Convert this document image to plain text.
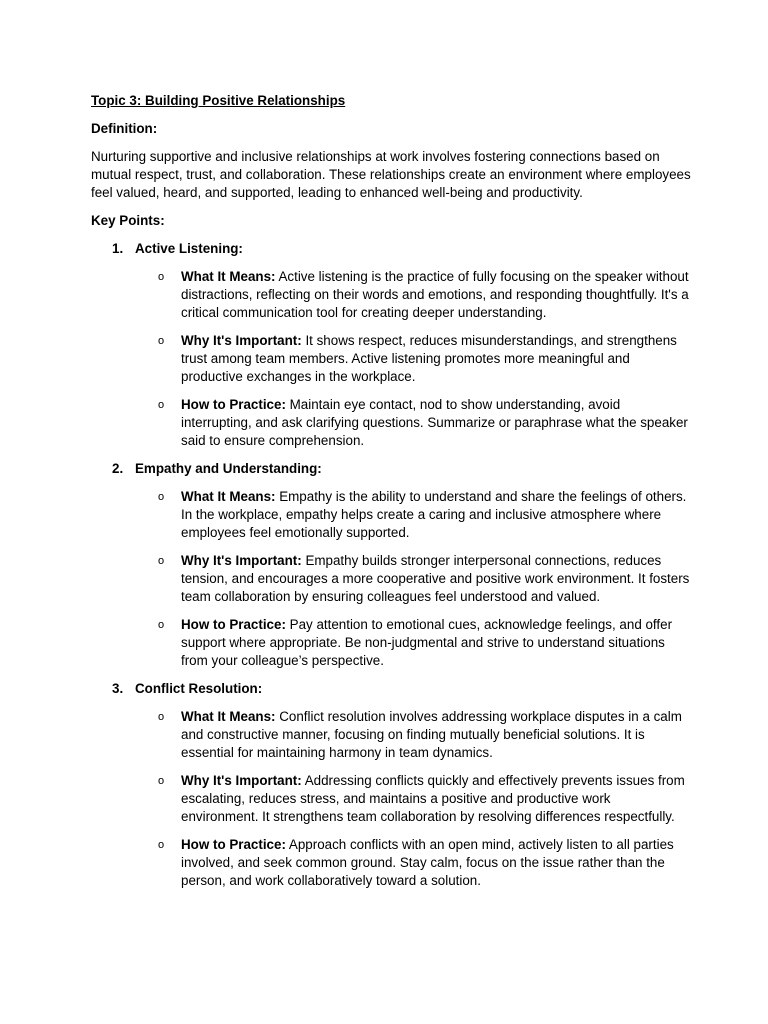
Topic 3: Building Positive Relationships
Definition:
Nurturing supportive and inclusive relationships at work involves fostering connections based on mutual respect, trust, and collaboration. These relationships create an environment where employees feel valued, heard, and supported, leading to enhanced well-being and productivity.
Key Points:
1. Active Listening:
o What It Means: Active listening is the practice of fully focusing on the speaker without distractions, reflecting on their words and emotions, and responding thoughtfully. It's a critical communication tool for creating deeper understanding.
o Why It's Important: It shows respect, reduces misunderstandings, and strengthens trust among team members. Active listening promotes more meaningful and productive exchanges in the workplace.
o How to Practice: Maintain eye contact, nod to show understanding, avoid interrupting, and ask clarifying questions. Summarize or paraphrase what the speaker said to ensure comprehension.
2. Empathy and Understanding:
o What It Means: Empathy is the ability to understand and share the feelings of others. In the workplace, empathy helps create a caring and inclusive atmosphere where employees feel emotionally supported.
o Why It's Important: Empathy builds stronger interpersonal connections, reduces tension, and encourages a more cooperative and positive work environment. It fosters team collaboration by ensuring colleagues feel understood and valued.
o How to Practice: Pay attention to emotional cues, acknowledge feelings, and offer support where appropriate. Be non-judgmental and strive to understand situations from your colleague’s perspective.
3. Conflict Resolution:
o What It Means: Conflict resolution involves addressing workplace disputes in a calm and constructive manner, focusing on finding mutually beneficial solutions. It is essential for maintaining harmony in team dynamics.
o Why It's Important: Addressing conflicts quickly and effectively prevents issues from escalating, reduces stress, and maintains a positive and productive work environment. It strengthens team collaboration by resolving differences respectfully.
o How to Practice: Approach conflicts with an open mind, actively listen to all parties involved, and seek common ground. Stay calm, focus on the issue rather than the person, and work collaboratively toward a solution.
